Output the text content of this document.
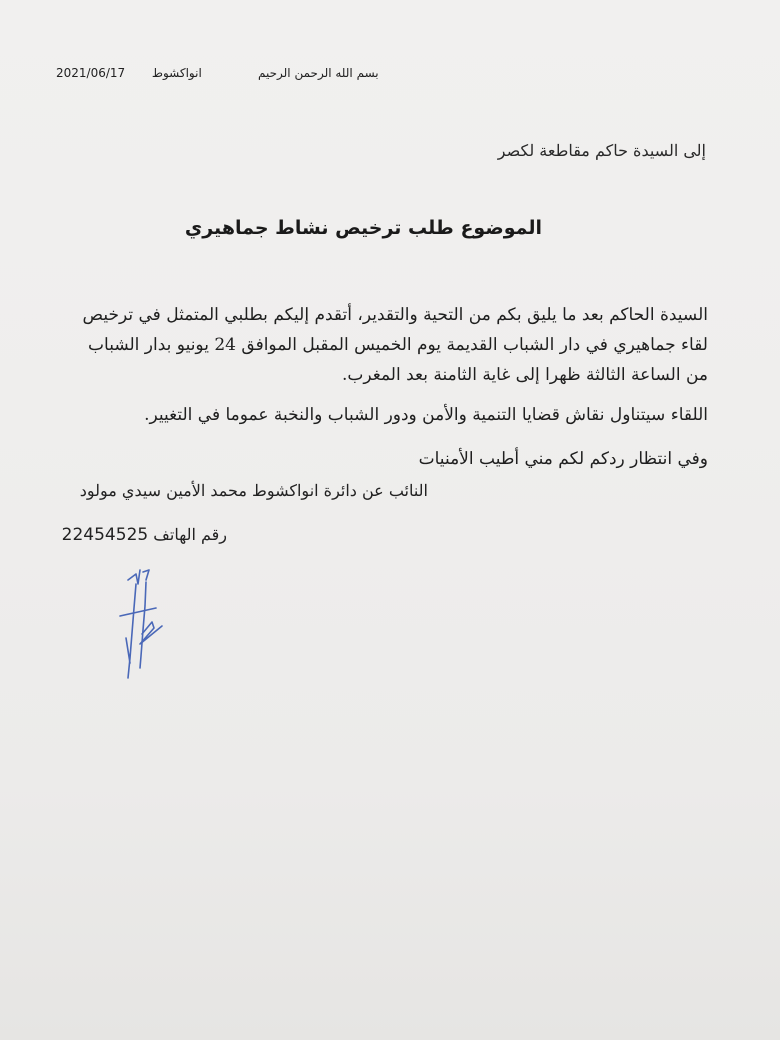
2021/06/17 انواكشوط	بسم الله الرحمن الرحيم
إلى السيدة حاكم مقاطعة لكصر
الموضوع طلب ترخيص نشاط جماهيري
السيدة الحاكم بعد ما يليق بكم من التحية والتقدير، أتقدم إليكم بطلبي المتمثل في ترخيص لقاء جماهيري في دار الشباب القديمة يوم الخميس المقبل الموافق 24 يونيو بدار الشباب من الساعة الثالثة ظهرا إلى غاية الثامنة بعد المغرب.
اللقاء سيتناول نقاش قضايا التنمية والأمن ودور الشباب والنخبة عموما في التغيير.
وفي انتظار ردكم لكم مني أطيب الأمنيات
النائب عن دائرة انواكشوط محمد الأمين سيدي مولود
رقم الهاتف 22454525
